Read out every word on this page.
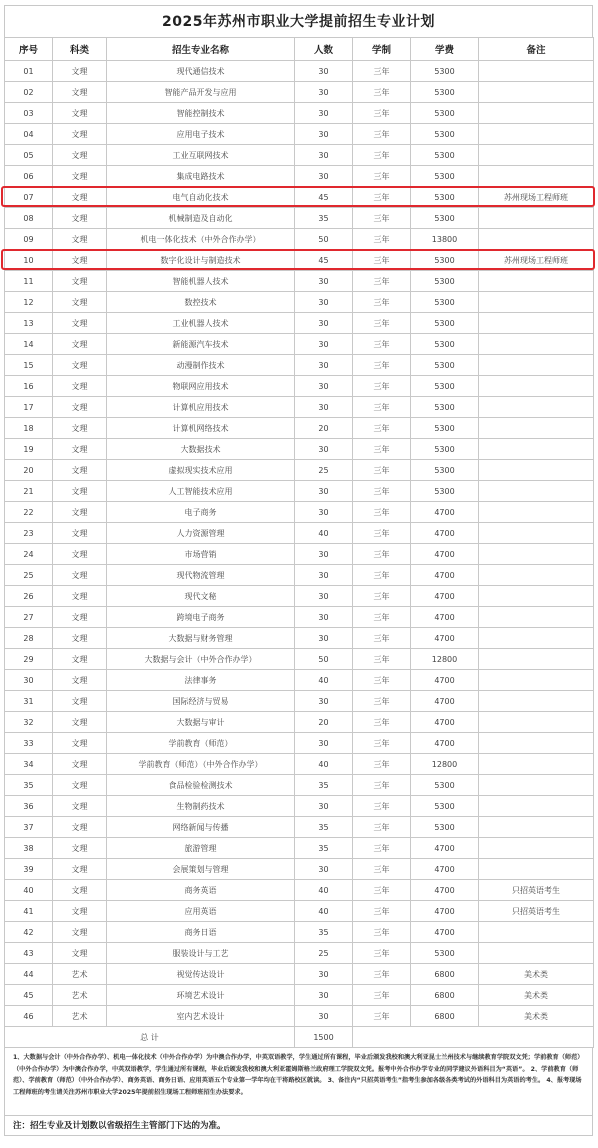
2025年苏州市职业大学提前招生专业计划
序号	科类	招生专业名称	人数	学制	学费	备注
01	文理	现代通信技术	30	三年	5300	
02	文理	智能产品开发与应用	30	三年	5300	
03	文理	智能控制技术	30	三年	5300	
04	文理	应用电子技术	30	三年	5300	
05	文理	工业互联网技术	30	三年	5300	
06	文理	集成电路技术	30	三年	5300	
07	文理	电气自动化技术	45	三年	5300	苏州现场工程师班
08	文理	机械制造及自动化	35	三年	5300	
09	文理	机电一体化技术（中外合作办学）	50	三年	13800	
10	文理	数字化设计与制造技术	45	三年	5300	苏州现场工程师班
11	文理	智能机器人技术	30	三年	5300	
12	文理	数控技术	30	三年	5300	
13	文理	工业机器人技术	30	三年	5300	
14	文理	新能源汽车技术	30	三年	5300	
15	文理	动漫制作技术	30	三年	5300	
16	文理	物联网应用技术	30	三年	5300	
17	文理	计算机应用技术	30	三年	5300	
18	文理	计算机网络技术	20	三年	5300	
19	文理	大数据技术	30	三年	5300	
20	文理	虚拟现实技术应用	25	三年	5300	
21	文理	人工智能技术应用	30	三年	5300	
22	文理	电子商务	30	三年	4700	
23	文理	人力资源管理	40	三年	4700	
24	文理	市场营销	30	三年	4700	
25	文理	现代物流管理	30	三年	4700	
26	文理	现代文秘	30	三年	4700	
27	文理	跨境电子商务	30	三年	4700	
28	文理	大数据与财务管理	30	三年	4700	
29	文理	大数据与会计（中外合作办学）	50	三年	12800	
30	文理	法律事务	40	三年	4700	
31	文理	国际经济与贸易	30	三年	4700	
32	文理	大数据与审计	20	三年	4700	
33	文理	学前教育（师范）	30	三年	4700	
34	文理	学前教育（师范）（中外合作办学）	40	三年	12800	
35	文理	食品检验检测技术	35	三年	5300	
36	文理	生物制药技术	30	三年	5300	
37	文理	网络新闻与传播	35	三年	5300	
38	文理	旅游管理	35	三年	4700	
39	文理	会展策划与管理	30	三年	4700	
40	文理	商务英语	40	三年	4700	只招英语考生
41	文理	应用英语	40	三年	4700	只招英语考生
42	文理	商务日语	35	三年	4700	
43	文理	服装设计与工艺	25	三年	5300	
44	艺术	视觉传达设计	30	三年	6800	美术类
45	艺术	环境艺术设计	30	三年	6800	美术类
46	艺术	室内艺术设计	30	三年	6800	美术类
总 计			1500			
1、大数据与会计（中外合作办学）、机电一体化技术（中外合作办学）为中澳合作办学，中英双语教学，学生通过所有课程，毕业后颁发我校和澳大利亚昆士兰州技术与继续教育学院双文凭；学前教育（师范）（中外合作办学）为中澳合作办学，中英双语教学，学生通过所有课程，毕业后颁发我校和澳大利亚霍姆斯格兰政府理工学院双文凭。报考中外合作办学专业的同学建议外语科目为“英语”。 2、学前教育（师范）、学前教育（师范）（中外合作办学）、商务英语、商务日语、应用英语五个专业第一学年均在干将路校区就读。 3、备注内“只招英语考生”指考生参加各级各类考试的外语科目为英语的考生。 4、报考现场工程师班的考生请关注苏州市职业大学2025年提前招生现场工程师班招生办法要求。
注：招生专业及计划数以省级招生主管部门下达的为准。
